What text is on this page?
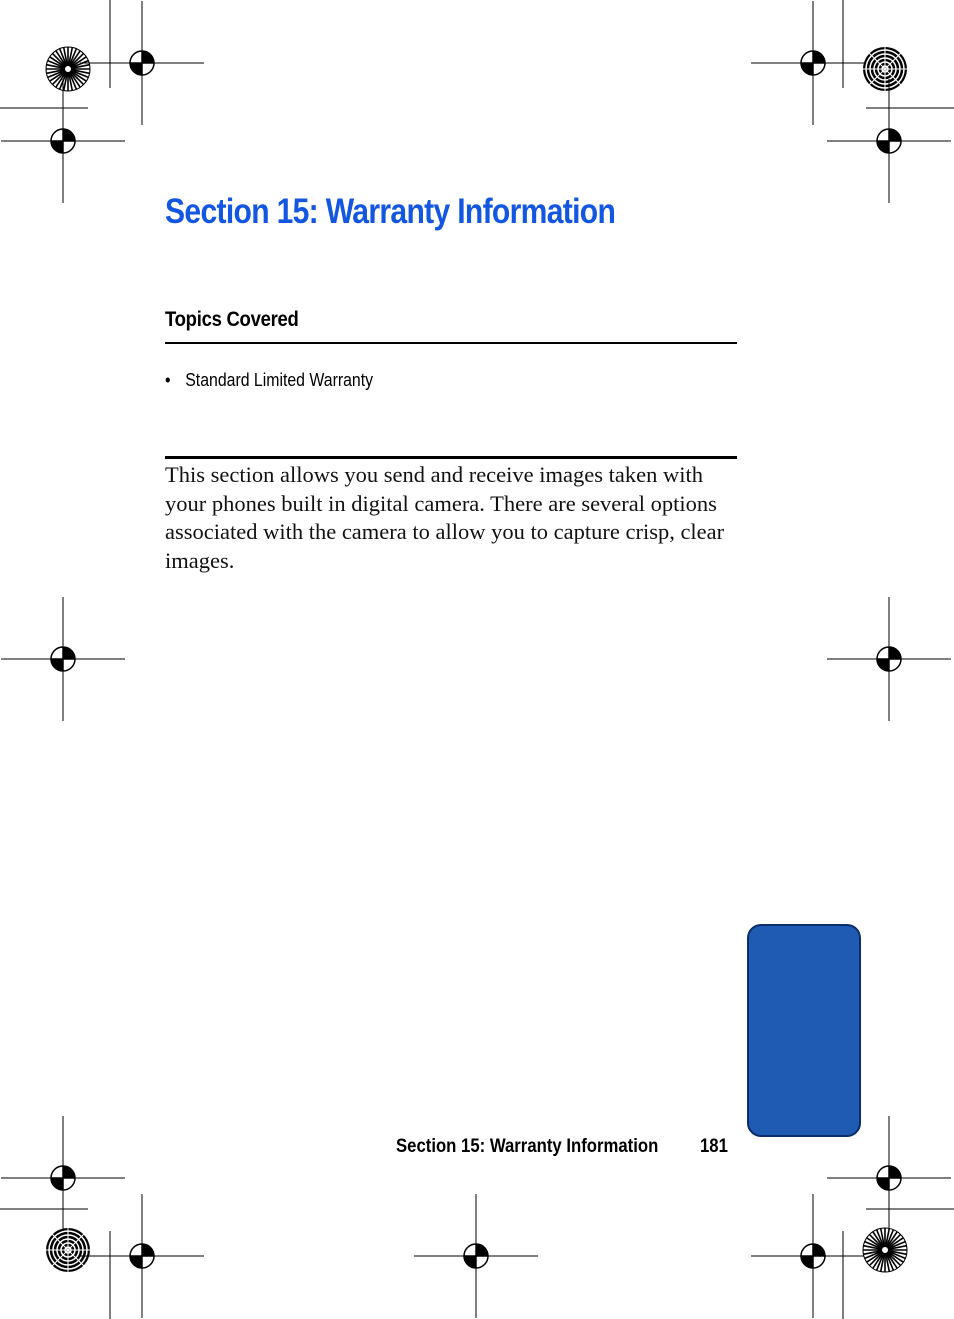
Section 15: Warranty Information
Topics Covered
• Standard Limited Warranty

This section allows you send and receive images taken with your phones built in digital camera. There are several options associated with the camera to allow you to capture crisp, clear images.

Section 15
Section 15: Warranty Information 181
